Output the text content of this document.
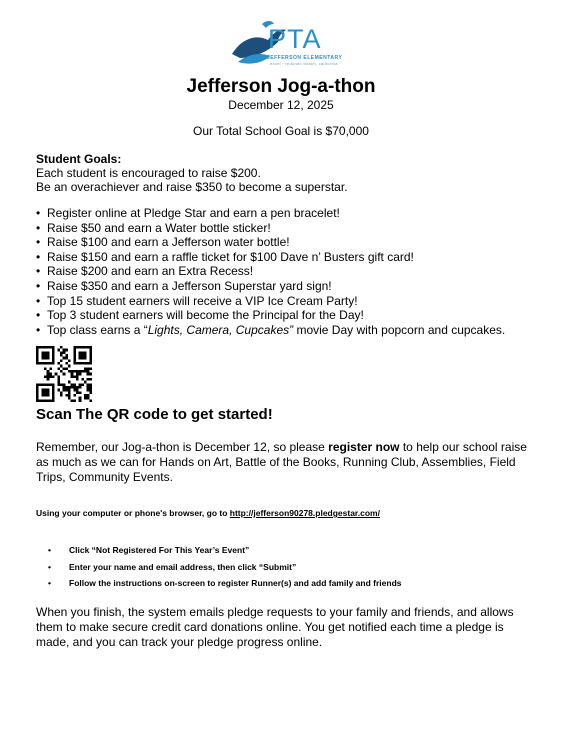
PTA
JEFFERSON ELEMENTARY
excel · redondo beach, california
Jefferson Jog-a-thon
December 12, 2025
Our Total School Goal is $70,000
Student Goals:
Each student is encouraged to raise $200.
Be an overachiever and raise $350 to become a superstar.
• Register online at Pledge Star and earn a pen bracelet!
• Raise $50 and earn a Water bottle sticker!
• Raise $100 and earn a Jefferson water bottle!
• Raise $150 and earn a raffle ticket for $100 Dave n’ Busters gift card!
• Raise $200 and earn an Extra Recess!
• Raise $350 and earn a Jefferson Superstar yard sign!
• Top 15 student earners will receive a VIP Ice Cream Party!
• Top 3 student earners will become the Principal for the Day!
• Top class earns a “Lights, Camera, Cupcakes” movie Day with popcorn and cupcakes.
Scan The QR code to get started!
Remember, our Jog-a-thon is December 12, so please register now to help our school raise as much as we can for Hands on Art, Battle of the Books, Running Club, Assemblies, Field Trips, Community Events.
Using your computer or phone's browser, go to http://jefferson90278.pledgestar.com/
• Click “Not Registered For This Year’s Event”
• Enter your name and email address, then click “Submit”
• Follow the instructions on-screen to register Runner(s) and add family and friends
When you finish, the system emails pledge requests to your family and friends, and allows them to make secure credit card donations online. You get notified each time a pledge is made, and you can track your pledge progress online.
